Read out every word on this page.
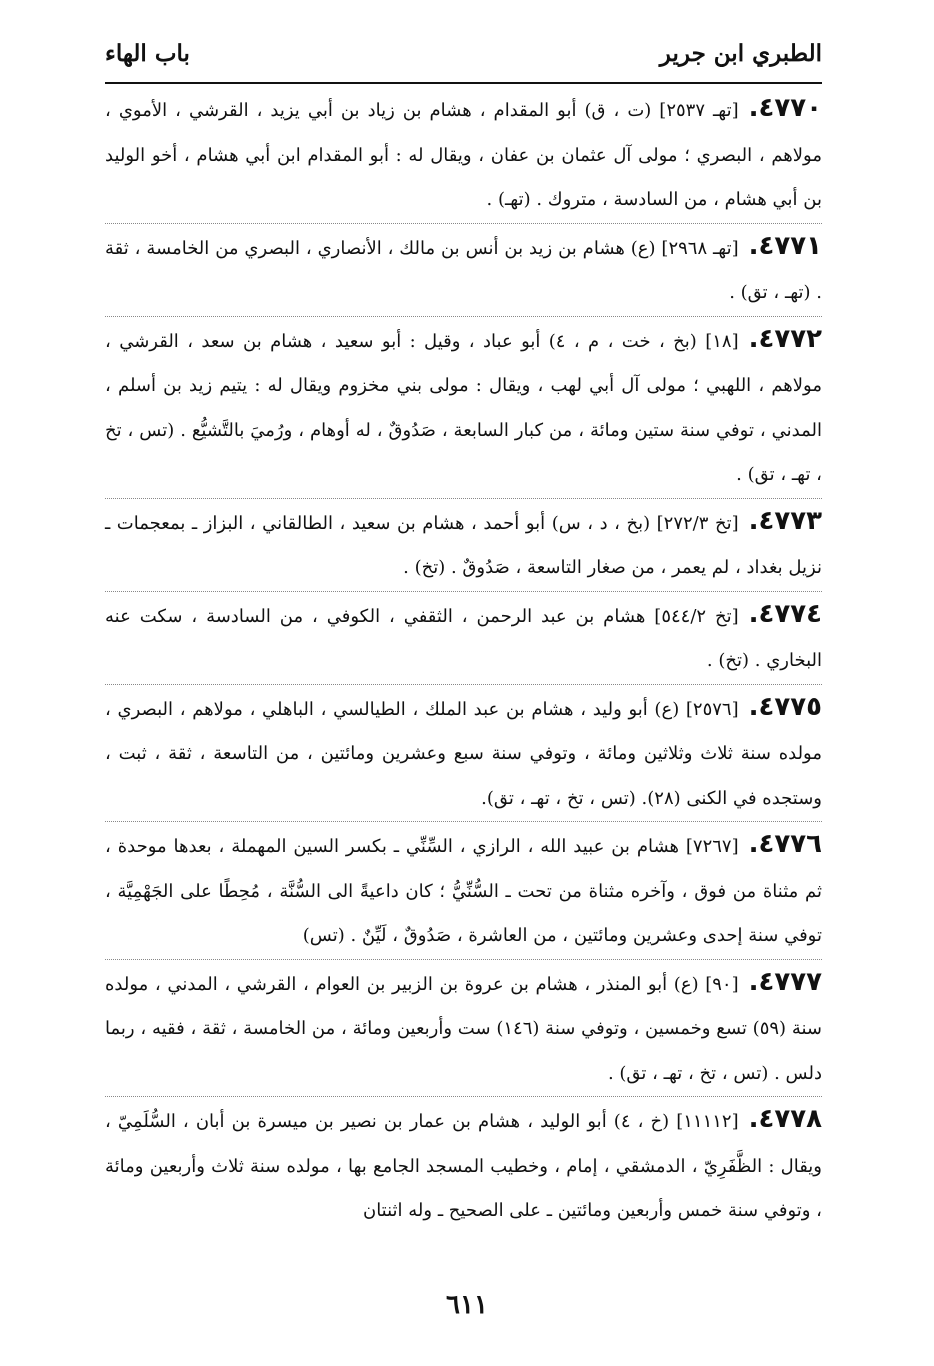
الطبري ابن جرير
باب الهاء
٤٧٧٠.[تهـ ٢٥٣٧] (ت ، ق) أبو المقدام ، هشام بن زياد بن أبي يزيد ، القرشي ، الأموي ، مولاهم ، البصري ؛ مولى آل عثمان بن عفان ، ويقال له : أبو المقدام ابن أبي هشام ، أخو الوليد بن أبي هشام ، من السادسة ، متروك . (تهـ) .
٤٧٧١.[تهـ ٢٩٦٨] (ع) هشام بن زيد بن أنس بن مالك ، الأنصاري ، البصري من الخامسة ، ثقة . (تهـ ، تق) .
٤٧٧٢.[١٨] (بخ ، خت ، م ، ٤) أبو عباد ، وقيل : أبو سعيد ، هشام بن سعد ، القرشي ، مولاهم ، اللهبي ؛ مولى آل أبي لهب ، ويقال : مولى بني مخزوم ويقال له : يتيم زيد بن أسلم ، المدني ، توفي سنة ستين ومائة ، من كبار السابعة ، صَدُوقٌ ، له أوهام ، ورُميَ بالتَّشيُّع . (تس ، تخ ، تهـ ، تق) .
٤٧٧٣.[تخ ٢٧٢/٣] (بخ ، د ، س) أبو أحمد ، هشام بن سعيد ، الطالقاني ، البزاز ـ بمعجمات ـ نزيل بغداد ، لم يعمر ، من صغار التاسعة ، صَدُوقٌ . (تخ) .
٤٧٧٤.[تخ ٥٤٤/٢] هشام بن عبد الرحمن ، الثقفي ، الكوفي ، من السادسة ، سكت عنه البخاري . (تخ) .
٤٧٧٥.[٢٥٧٦] (ع) أبو وليد ، هشام بن عبد الملك ، الطيالسي ، الباهلي ، مولاهم ، البصري ، مولده سنة ثلاث وثلاثين ومائة ، وتوفي سنة سبع وعشرين ومائتين ، من التاسعة ، ثقة ، ثبت ، وستجده في الكنى (٢٨). (تس ، تخ ، تهـ ، تق).
٤٧٧٦.[٧٢٦٧] هشام بن عبيد الله ، الرازي ، السِّنِّي ـ بكسر السين المهملة ، بعدها موحدة ، ثم مثناة من فوق ، وآخره مثناة من تحت ـ السُّنِّيُّ ؛ كان داعيةً الى السُّنَّة ، مُحِطًا على الجَهْمِيَّة ، توفي سنة إحدى وعشرين ومائتين ، من العاشرة ، صَدُوقٌ ، لَيِّنٌ . (تس)
٤٧٧٧.[٩٠] (ع) أبو المنذر ، هشام بن عروة بن الزبير بن العوام ، القرشي ، المدني ، مولده سنة (٥٩) تسع وخمسين ، وتوفي سنة (١٤٦) ست وأربعين ومائة ، من الخامسة ، ثقة ، فقيه ، ربما دلس . (تس ، تخ ، تهـ ، تق) .
٤٧٧٨.[١١١١٢] (خ ، ٤) أبو الوليد ، هشام بن عمار بن نصير بن ميسرة بن أبان ، السُّلَمِيّ ، ويقال : الظَّفَرِيّ ، الدمشقي ، إمام ، وخطيب المسجد الجامع بها ، مولده سنة ثلاث وأربعين ومائة ، وتوفي سنة خمس وأربعين ومائتين ـ على الصحيح ـ وله اثنتان
٦١١
